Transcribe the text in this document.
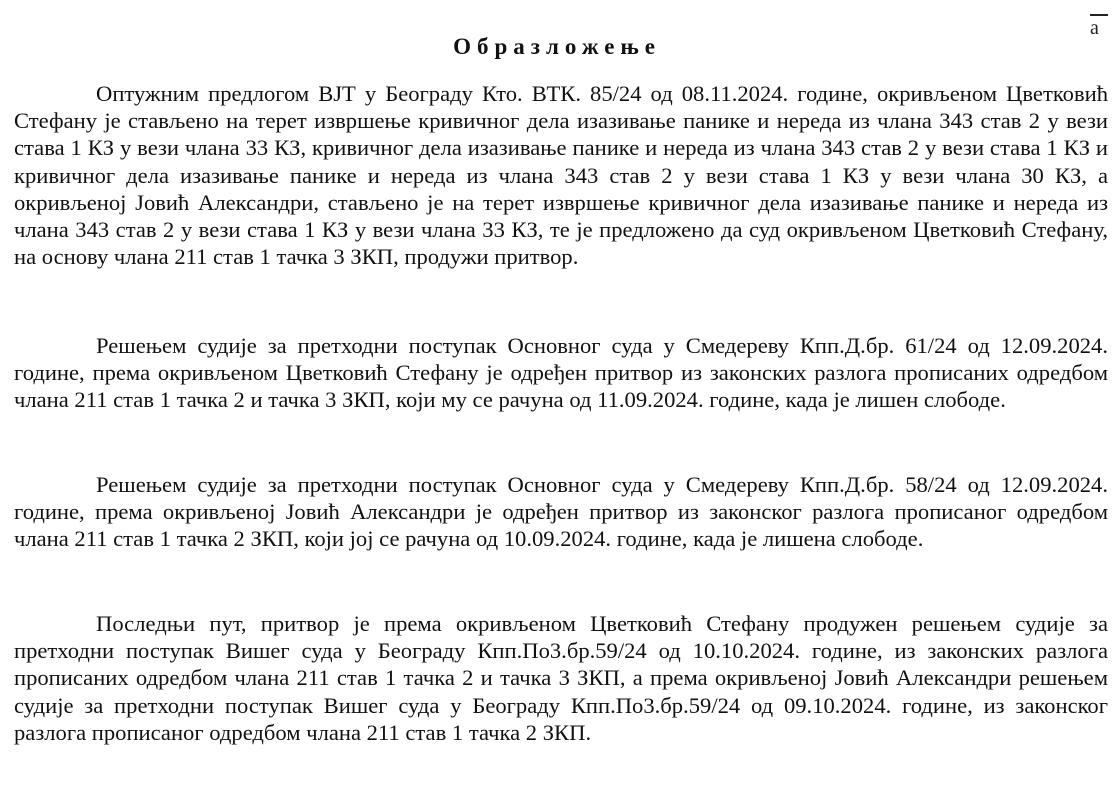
а
Образложење

Оптужним предлогом ВЈТ у Београду Кто. ВТК. 85/24 од 08.11.2024. године, окривљеном Цветковић Стефану је стављено на терет извршење кривичног дела изазивање панике и нереда из члана 343 став 2 у вези става 1 КЗ у вези члана 33 КЗ, кривичног дела изазивање панике и нереда из члана 343 став 2 у вези става 1 КЗ и кривичног дела изазивање панике и нереда из члана 343 став 2 у вези става 1 КЗ у вези члана 30 КЗ, а окривљеној Јовић Александри, стављено је на терет извршење кривичног дела изазивање панике и нереда из члана 343 став 2 у вези става 1 КЗ у вези члана 33 КЗ, те је предложено да суд окривљеном Цветковић Стефану, на основу члана 211 став 1 тачка 3 ЗКП, продужи притвор.

Решењем судије за претходни поступак Основног суда у Смедереву Кпп.Д.бр. 61/24 од 12.09.2024. године, према окривљеном Цветковић Стефану је одређен притвор из законских разлога прописаних одредбом члана 211 став 1 тачка 2 и тачка 3 ЗКП, који му се рачуна од 11.09.2024. године, када је лишен слободе.

Решењем судије за претходни поступак Основног суда у Смедереву Кпп.Д.бр. 58/24 од 12.09.2024. године, према окривљеној Јовић Александри је одређен притвор из законског разлога прописаног одредбом члана 211 став 1 тачка 2 ЗКП, који јој се рачуна од 10.09.2024. године, када је лишена слободе.

Последњи пут, притвор је према окривљеном Цветковић Стефану продужен решењем судије за претходни поступак Вишег суда у Београду Кпп.По3.бр.59/24 од 10.10.2024. године, из законских разлога прописаних одредбом члана 211 став 1 тачка 2 и тачка 3 ЗКП, а према окривљеној Јовић Александри решењем судије за претходни поступак Вишег суда у Београду Кпп.По3.бр.59/24 од 09.10.2024. године, из законског разлога прописаног одредбом члана 211 став 1 тачка 2 ЗКП.
